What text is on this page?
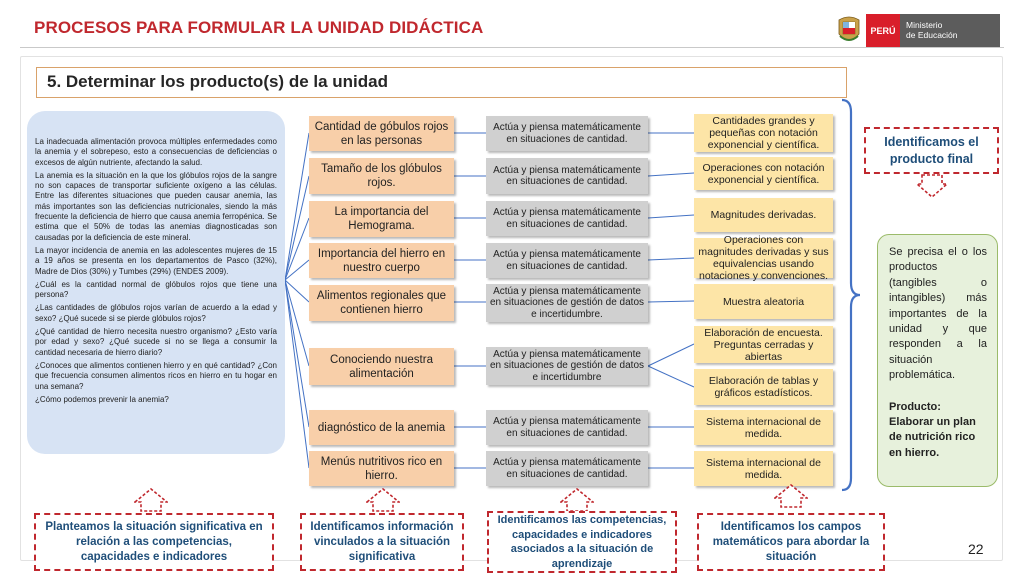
PROCESOS PARA FORMULAR LA UNIDAD DIDÁCTICA	PERÚ
Ministerio
de Educación
5. Determinar los producto(s) de la unidad

La inadecuada alimentación provoca múltiples enfermedades como la anemia y el sobrepeso, esto a consecuencias de deficiencias o excesos de algún nutriente, afectando la salud.

La anemia es la situación en la que los glóbulos rojos de la sangre no son capaces de transportar suficiente oxígeno a las células. Entre las diferentes situaciones que pueden causar anemia, las más importantes son las deficiencias nutricionales, siendo la más frecuente la deficiencia de hierro que causa anemia ferropénica. Se estima que el 50% de todas las anemias diagnosticadas son causadas por la deficiencia de este mineral.

La mayor incidencia de anemia en las adolescentes mujeres de 15 a 19 años se presenta en los departamentos de Pasco (32%), Madre de Dios (30%) y Tumbes (29%) (ENDES 2009).

¿Cuál es la cantidad normal de glóbulos rojos que tiene una persona?

¿Las cantidades de glóbulos rojos varían de acuerdo a la edad y sexo? ¿Qué sucede si se pierde glóbulos rojos?

¿Qué cantidad de hierro necesita nuestro organismo? ¿Esto varía por edad y sexo? ¿Qué sucede si no se llega a consumir la cantidad necesaria de hierro diario?

¿Conoces que alimentos contienen hierro y en qué cantidad? ¿Con que frecuencia consumen alimentos ricos en hierro en tu hogar en una semana?

¿Cómo podemos prevenir la anemia?

Cantidad de góbulos rojos en las personas
Tamaño de los glóbulos rojos.
La importancia del Hemograma.
Importancia del hierro en nuestro cuerpo
Alimentos regionales que contienen hierro
Conociendo nuestra alimentación
diagnóstico de la anemia
Menús nutritivos rico en hierro.
Actúa y piensa matemáticamente en situaciones de cantidad.
Actúa y piensa matemáticamente en situaciones de cantidad.
Actúa y piensa matemáticamente en situaciones de cantidad.
Actúa y piensa matemáticamente en situaciones de cantidad.
Actúa y piensa matemáticamente en situaciones de gestión de datos e incertidumbre.
Actúa y piensa matemáticamente en situaciones de gestión de datos e incertidumbre
Actúa y piensa matemáticamente en situaciones de cantidad.
Actúa y piensa matemáticamente en situaciones de cantidad.
Cantidades grandes y pequeñas con notación exponencial y científica.
Operaciones con notación exponencial y científica.
Magnitudes derivadas.
Operaciones con magnitudes derivadas y sus equivalencias usando notaciones y convenciones.
Muestra aleatoria
Elaboración de encuesta. Preguntas cerradas y abiertas
Elaboración de tablas y gráficos estadísticos.
Sistema internacional de medida.
Sistema internacional de medida.
Identificamos el producto final
Se precisa el o los productos (tangibles o intangibles) más importantes de la unidad y que responden a la situación problemática.
Producto:
Elaborar un plan de nutrición rico en hierro.
Planteamos la situación significativa en relación a las competencias, capacidades e indicadores
Identificamos información vinculados a la situación significativa
Identificamos las competencias, capacidades e indicadores asociados a la situación de aprendizaje
Identificamos los campos matemáticos para abordar la situación	22
